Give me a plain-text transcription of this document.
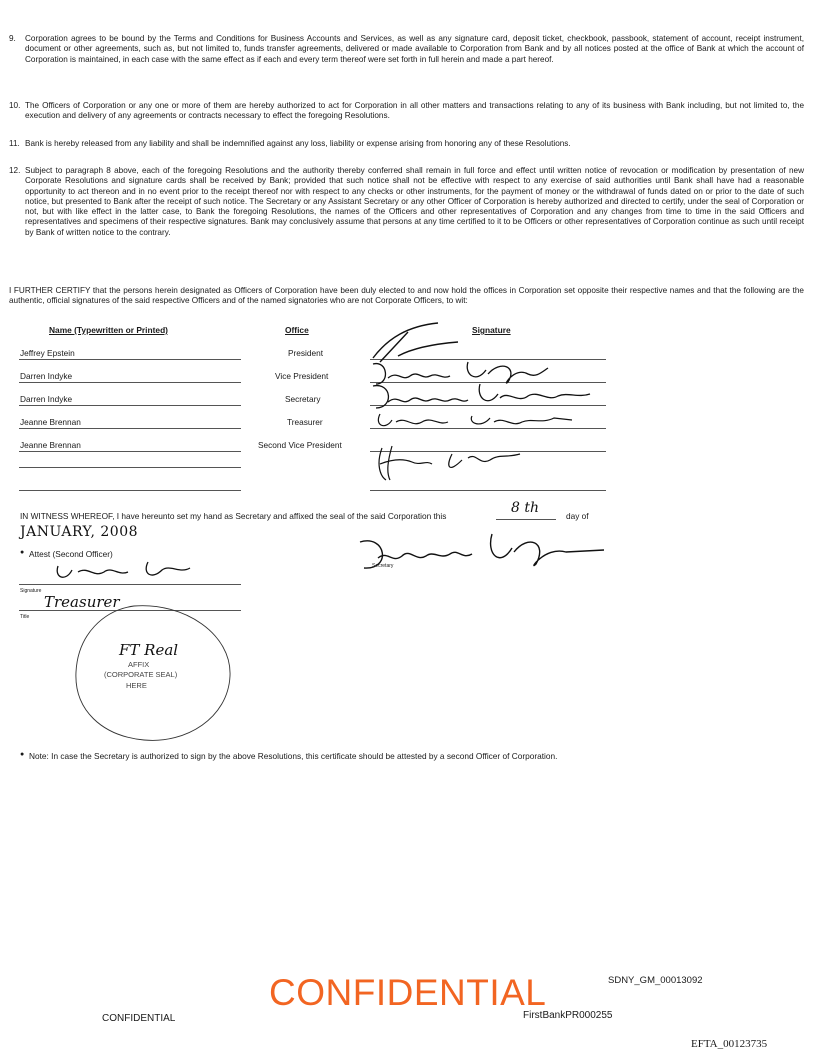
9. Corporation agrees to be bound by the Terms and Conditions for Business Accounts and Services, as well as any signature card, deposit ticket, checkbook, passbook, statement of account, receipt instrument, document or other agreements, such as, but not limited to, funds transfer agreements, delivered or made available to Corporation from Bank and by all notices posted at the office of Bank at which the account of Corporation is maintained, in each case with the same effect as if each and every term thereof were set forth in full herein and made a part hereof.
10. The Officers of Corporation or any one or more of them are hereby authorized to act for Corporation in all other matters and transactions relating to any of its business with Bank including, but not limited to, the execution and delivery of any agreements or contracts necessary to effect the foregoing Resolutions.
11. Bank is hereby released from any liability and shall be indemnified against any loss, liability or expense arising from honoring any of these Resolutions.
12. Subject to paragraph 8 above, each of the foregoing Resolutions and the authority thereby conferred shall remain in full force and effect until written notice of revocation or modification by presentation of new Corporate Resolutions and signature cards shall be received by Bank; provided that such notice shall not be effective with respect to any exercise of said authorities until Bank shall have had a reasonable opportunity to act thereon and in no event prior to the receipt thereof nor with respect to any checks or other instruments, for the payment of money or the withdrawal of funds dated on or prior to the date of such notice, but presented to Bank after the receipt of such notice. The Secretary or any Assistant Secretary or any other Officer of Corporation is hereby authorized and directed to certify, under the seal of Corporation or not, but with like effect in the latter case, to Bank the foregoing Resolutions, the names of the Officers and other representatives of Corporation and any changes from time to time in the said Officers and representatives and specimens of their respective signatures. Bank may conclusively assume that persons at any time certified to it to be Officers or other representatives of Corporation continue as such until receipt by Bank of written notice to the contrary.
I FURTHER CERTIFY that the persons herein designated as Officers of Corporation have been duly elected to and now hold the offices in Corporation set opposite their respective names and that the following are the authentic, official signatures of the said respective Officers and of the named signatories who are not Corporate Officers, to wit:
Name (Typewritten or Printed)	Office	Signature
Jeffrey Epstein	President
Darren Indyke	Vice President
Darren Indyke	Secretary
Jeanne Brennan	Treasurer
Jeanne Brennan	Second Vice President
IN WITNESS WHEREOF, I have hereunto set my hand as Secretary and affixed the seal of the said Corporation this	8 th	day of
JANUARY, 2008
Secretary
● Attest (Second Officer)
Signature
Treasurer
Title
FT Real
AFFIX
(CORPORATE SEAL)
HERE
● Note: In case the Secretary is authorized to sign by the above Resolutions, this certificate should be attested by a second Officer of Corporation.
SDNY_GM_00013092
CONFIDENTIAL
CONFIDENTIAL	FirstBankPR000255
EFTA_00123735
